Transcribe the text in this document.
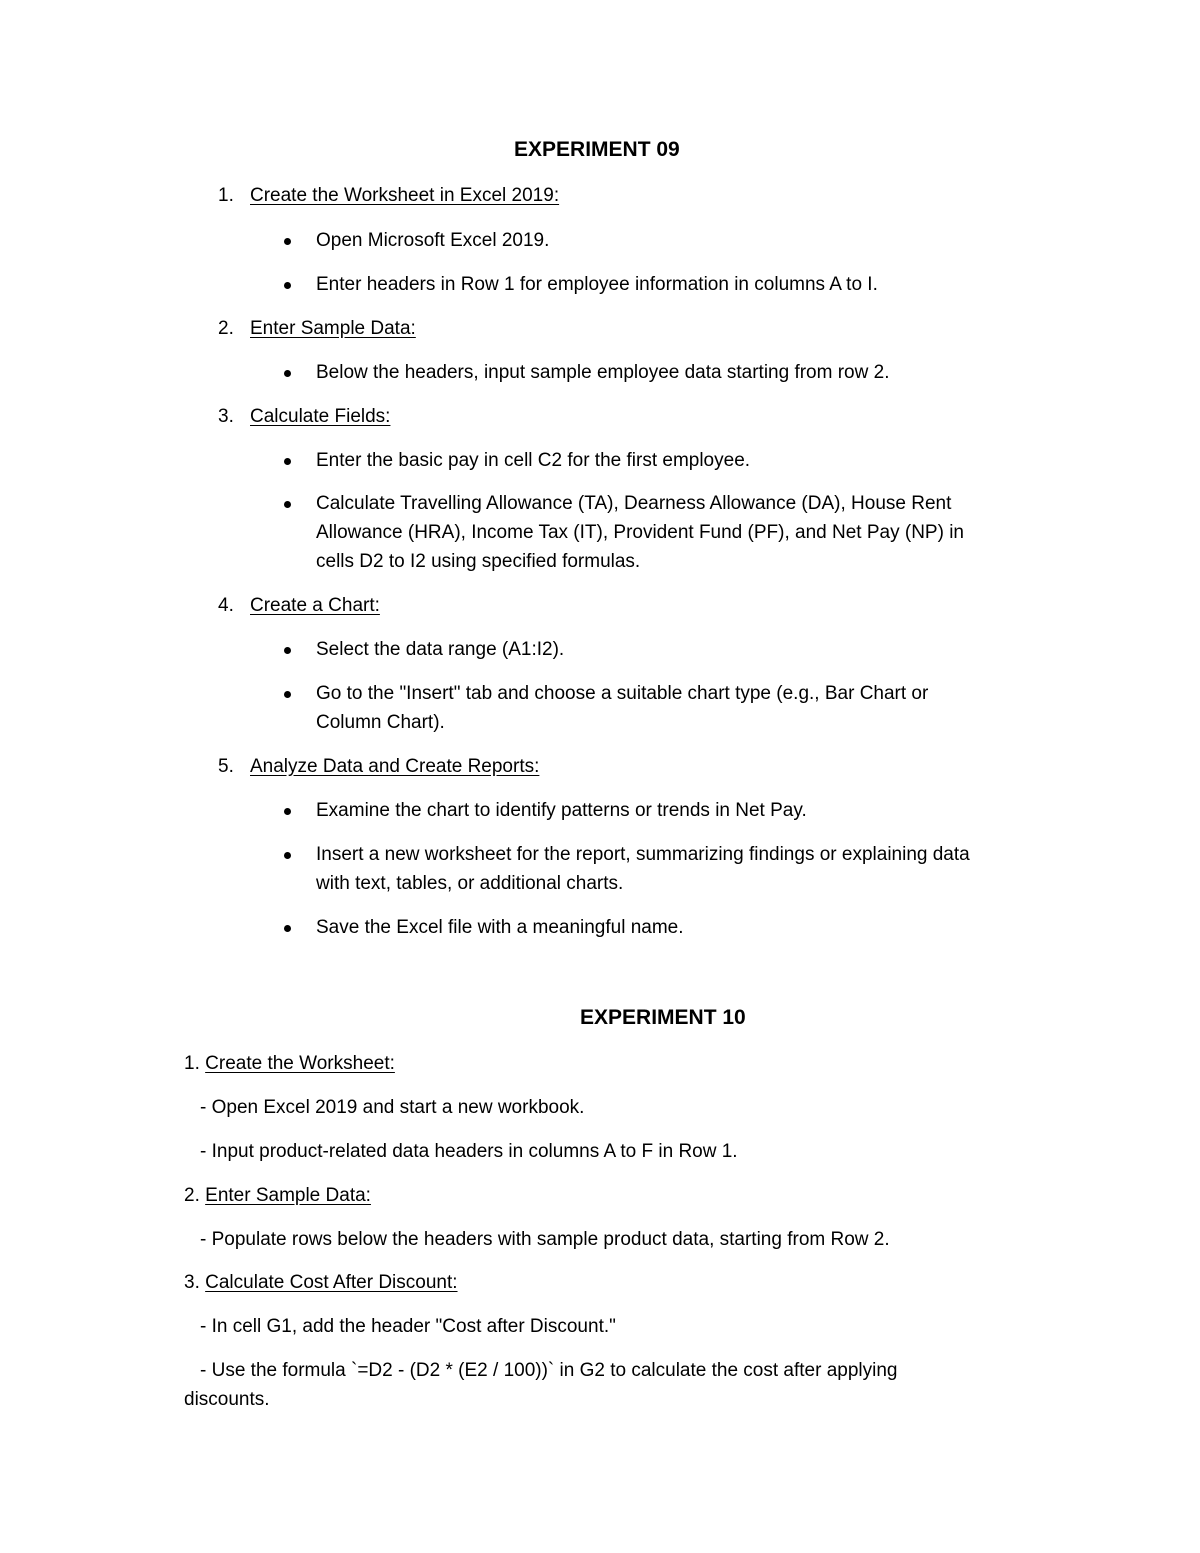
EXPERIMENT 09
1. Create the Worksheet in Excel 2019:
Open Microsoft Excel 2019.
Enter headers in Row 1 for employee information in columns A to I.
2. Enter Sample Data:
Below the headers, input sample employee data starting from row 2.
3. Calculate Fields:
Enter the basic pay in cell C2 for the first employee.
Calculate Travelling Allowance (TA), Dearness Allowance (DA), House Rent Allowance (HRA), Income Tax (IT), Provident Fund (PF), and Net Pay (NP) in cells D2 to I2 using specified formulas.
4. Create a Chart:
Select the data range (A1:I2).
Go to the "Insert" tab and choose a suitable chart type (e.g., Bar Chart or Column Chart).
5. Analyze Data and Create Reports:
Examine the chart to identify patterns or trends in Net Pay.
Insert a new worksheet for the report, summarizing findings or explaining data with text, tables, or additional charts.
Save the Excel file with a meaningful name.
EXPERIMENT 10
1. Create the Worksheet:
- Open Excel 2019 and start a new workbook.
- Input product-related data headers in columns A to F in Row 1.
2. Enter Sample Data:
- Populate rows below the headers with sample product data, starting from Row 2.
3. Calculate Cost After Discount:
- In cell G1, add the header "Cost after Discount."
- Use the formula `=D2 - (D2 * (E2 / 100))` in G2 to calculate the cost after applying
discounts.
